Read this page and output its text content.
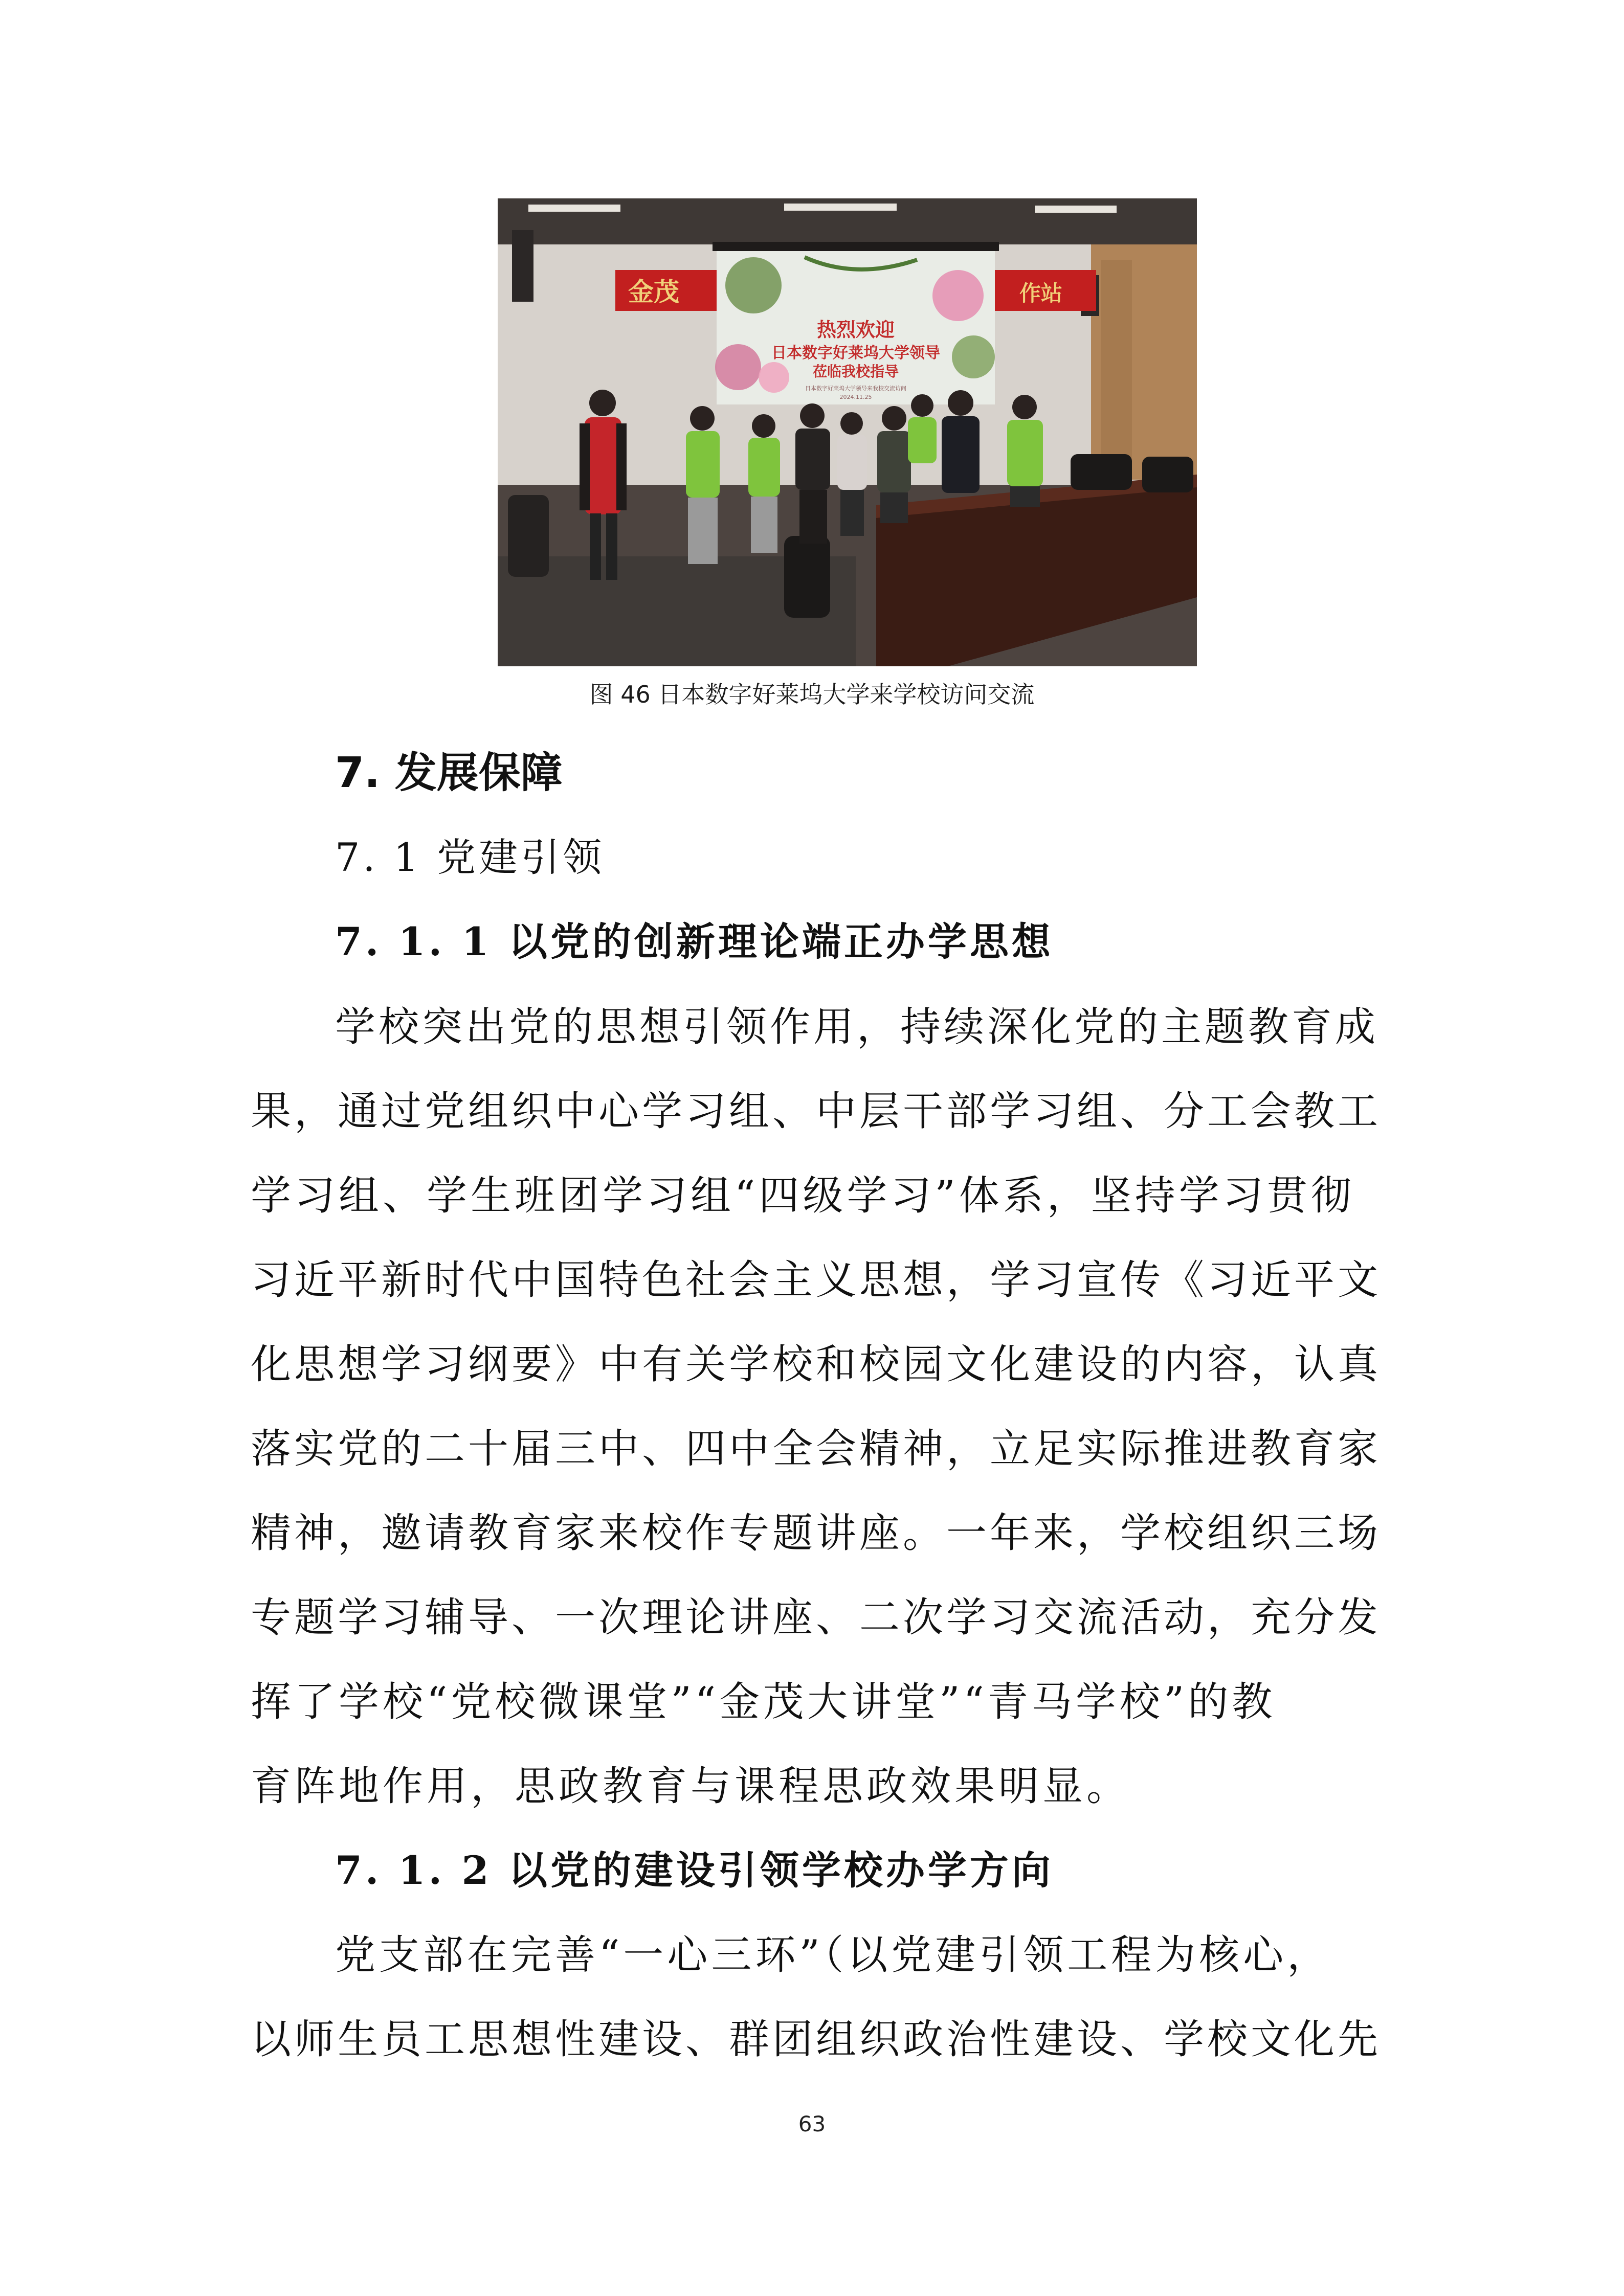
金茂	作站
热烈欢迎
日本数字好莱坞大学领导
莅临我校指导
日本数字好莱坞大学领导来我校交流访问
2024.11.25
图 46 日本数字好莱坞大学来学校访问交流
7. 发展保障
7. 1 党建引领
7. 1. 1 以党的创新理论端正办学思想
学校突出党的思想引领作用，持续深化党的主题教育成
果，通过党组织中心学习组、中层干部学习组、分工会教工
学习组、学生班团学习组“四级学习”体系，坚持学习贯彻
习近平新时代中国特色社会主义思想，学习宣传《习近平文
化思想学习纲要》中有关学校和校园文化建设的内容，认真
落实党的二十届三中、四中全会精神，立足实际推进教育家
精神，邀请教育家来校作专题讲座。一年来，学校组织三场
专题学习辅导、一次理论讲座、二次学习交流活动，充分发
挥了学校“党校微课堂”“金茂大讲堂”“青马学校”的教
育阵地作用，思政教育与课程思政效果明显。
7. 1. 2 以党的建设引领学校办学方向
党支部在完善“一心三环”（以党建引领工程为核心，
以师生员工思想性建设、群团组织政治性建设、学校文化先
63
